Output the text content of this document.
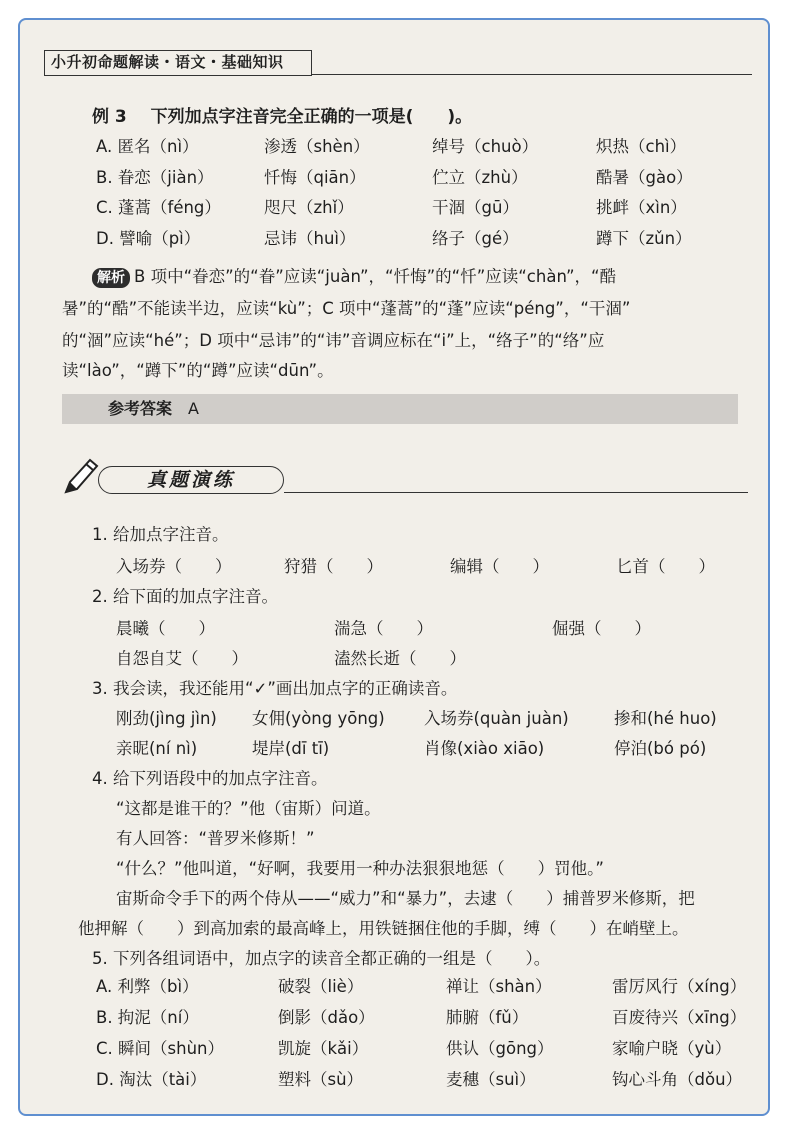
小升初命题解读・语文・基础知识
例 3 下列加点字注音完全正确的一项是(　　)。
A. 匿名（nì）	渗透（shèn）	绰号（chuò）	炽热（chì）
B. 眷恋（jiàn）	忏悔（qiān）	伫立（zhù）	酷暑（gào）
C. 蓬蒿（féng）	咫尺（zhǐ）	干涸（gū）	挑衅（xìn）
D. 譬喻（pì）	忌讳（huì）	络子（gé）	蹲下（zǔn）
解析 B 项中“眷恋”的“眷”应读“juàn”，“忏悔”的“忏”应读“chàn”，“酷
暑”的“酷”不能读半边，应读“kù”；C 项中“蓬蒿”的“蓬”应读“péng”，“干涸”
的“涸”应读“hé”；D 项中“忌讳”的“讳”音调应标在“i”上，“络子”的“络”应
读“lào”，“蹲下”的“蹲”应读“dūn”。
参考答案 A
真题演练
1. 给加点字注音。
入场券（　　）	狩猎（　　）	编辑（　　）	匕首（　　）
2. 给下面的加点字注音。
晨曦（　　）	湍急（　　）	倔强（　　）
自怨自艾（　　）	溘然长逝（　　）
3. 我会读，我还能用“✓”画出加点字的正确读音。
刚劲(jìng jìn) 女佣(yòng yōng) 入场券(quàn juàn)	掺和(hé huo)
亲昵(ní nì)	堤岸(dī tī)	肖像(xiào xiāo)	停泊(bó pó)
4. 给下列语段中的加点字注音。
“这都是谁干的？”他（宙斯）问道。
有人回答：“普罗米修斯！”
“什么？”他叫道，“好啊，我要用一种办法狠狠地惩（　　）罚他。”
宙斯命令手下的两个侍从——“威力”和“暴力”，去逮（　　）捕普罗米修斯，把
他押解（　　）到高加索的最高峰上，用铁链捆住他的手脚，缚（　　）在峭壁上。
5. 下列各组词语中，加点字的读音全都正确的一组是（　　）。
A. 利弊（bì）	破裂（liè）	禅让（shàn）	雷厉风行（xíng）
B. 拘泥（ní）	倒影（dǎo）	肺腑（fǔ）	百废待兴（xīng）
C. 瞬间（shùn）	凯旋（kǎi）	供认（gōng）	家喻户晓（yù）
D. 淘汰（tài）	塑料（sù）	麦穗（suì）	钩心斗角（dǒu）
